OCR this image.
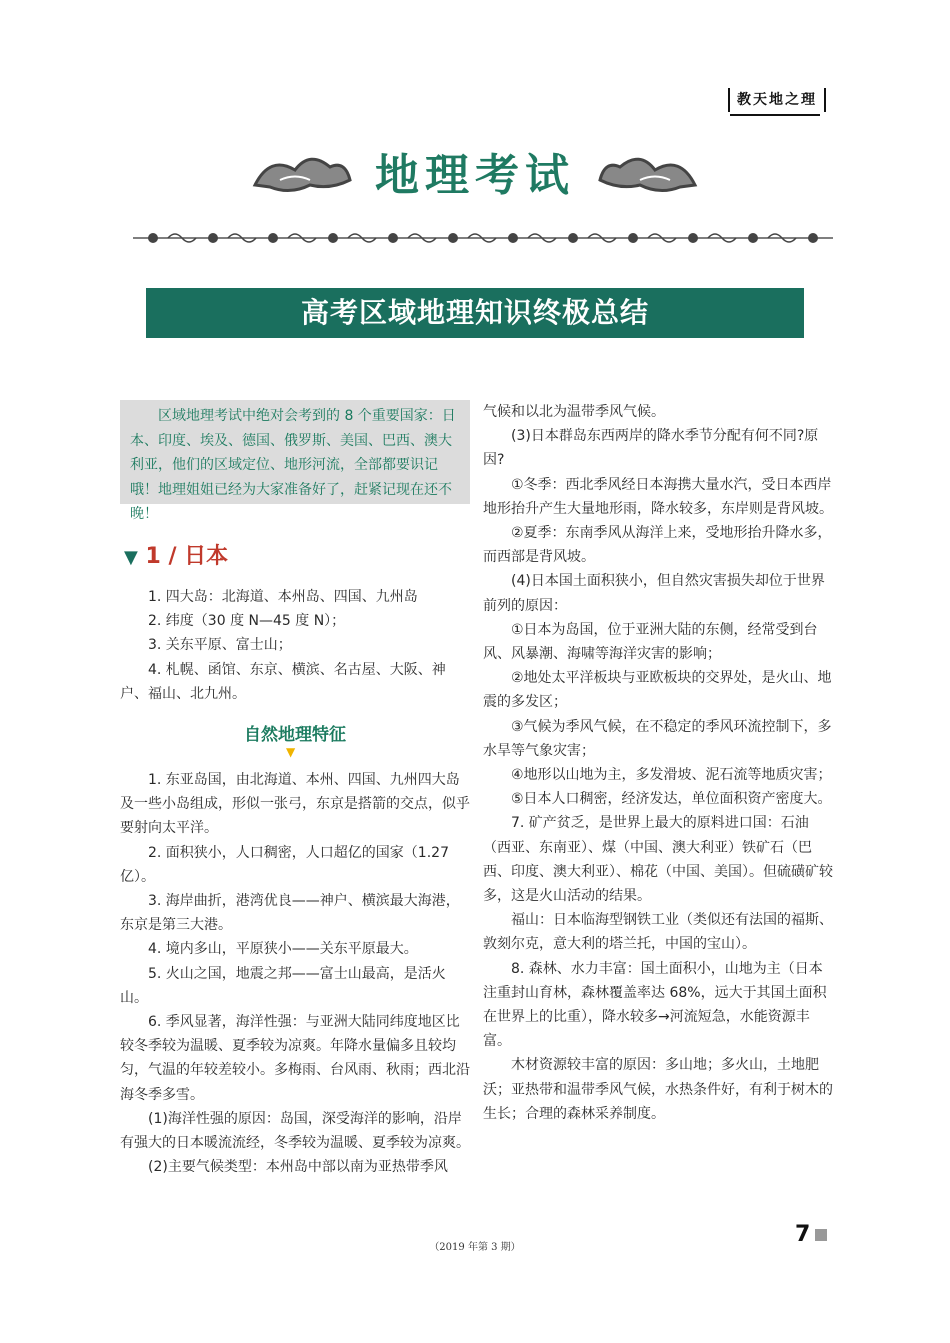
教天地之理
地理考试
高考区域地理知识终极总结

区域地理考试中绝对会考到的 8 个重要国家：日本、印度、埃及、德国、俄罗斯、美国、巴西、澳大利亚，他们的区域定位、地形河流，全部都要识记哦！地理姐姐已经为大家准备好了，赶紧记现在还不晚！

▼ 1 / 日本

1. 四大岛：北海道、本州岛、四国、九州岛

2. 纬度（30 度 N—45 度 N）；

3. 关东平原、富士山；

4. 札幌、函馆、东京、横滨、名古屋、大阪、神户、福山、北九州。

1. 东亚岛国，由北海道、本州、四国、九州四大岛及一些小岛组成，形似一张弓，东京是搭箭的交点，似乎要射向太平洋。

2. 面积狭小，人口稠密，人口超亿的国家（1.27 亿）。

3. 海岸曲折，港湾优良——神户、横滨最大海港，东京是第三大港。

4. 境内多山，平原狭小——关东平原最大。

5. 火山之国，地震之邦——富士山最高，是活火山。

6. 季风显著，海洋性强：与亚洲大陆同纬度地区比较冬季较为温暖、夏季较为凉爽。年降水量偏多且较均匀，气温的年较差较小。多梅雨、台风雨、秋雨；西北沿海冬季多雪。

(1)海洋性强的原因：岛国，深受海洋的影响，沿岸有强大的日本暖流流经，冬季较为温暖、夏季较为凉爽。

(2)主要气候类型：本州岛中部以南为亚热带季风

自然地理特征
▼

气候和以北为温带季风气候。

(3)日本群岛东西两岸的降水季节分配有何不同?原因?

①冬季：西北季风经日本海携大量水汽，受日本西岸地形抬升产生大量地形雨，降水较多，东岸则是背风坡。

②夏季：东南季风从海洋上来，受地形抬升降水多，而西部是背风坡。

(4)日本国土面积狭小，但自然灾害损失却位于世界前列的原因：

①日本为岛国，位于亚洲大陆的东侧，经常受到台风、风暴潮、海啸等海洋灾害的影响；

②地处太平洋板块与亚欧板块的交界处，是火山、地震的多发区；

③气候为季风气候，在不稳定的季风环流控制下，多水旱等气象灾害；

④地形以山地为主，多发滑坡、泥石流等地质灾害；

⑤日本人口稠密，经济发达，单位面积资产密度大。

7. 矿产贫乏，是世界上最大的原料进口国：石油（西亚、东南亚）、煤（中国、澳大利亚）铁矿石（巴西、印度、澳大利亚）、棉花（中国、美国）。但硫磺矿较多，这是火山活动的结果。

福山：日本临海型钢铁工业（类似还有法国的福斯、敦刻尔克，意大利的塔兰托，中国的宝山）。

8. 森林、水力丰富：国土面积小，山地为主（日本注重封山育林，森林覆盖率达 68%，远大于其国土面积在世界上的比重），降水较多→河流短急，水能资源丰富。

木材资源较丰富的原因：多山地；多火山，土地肥沃；亚热带和温带季风气候，水热条件好，有利于树木的生长；合理的森林采养制度。

（2019 年第 3 期）
7
